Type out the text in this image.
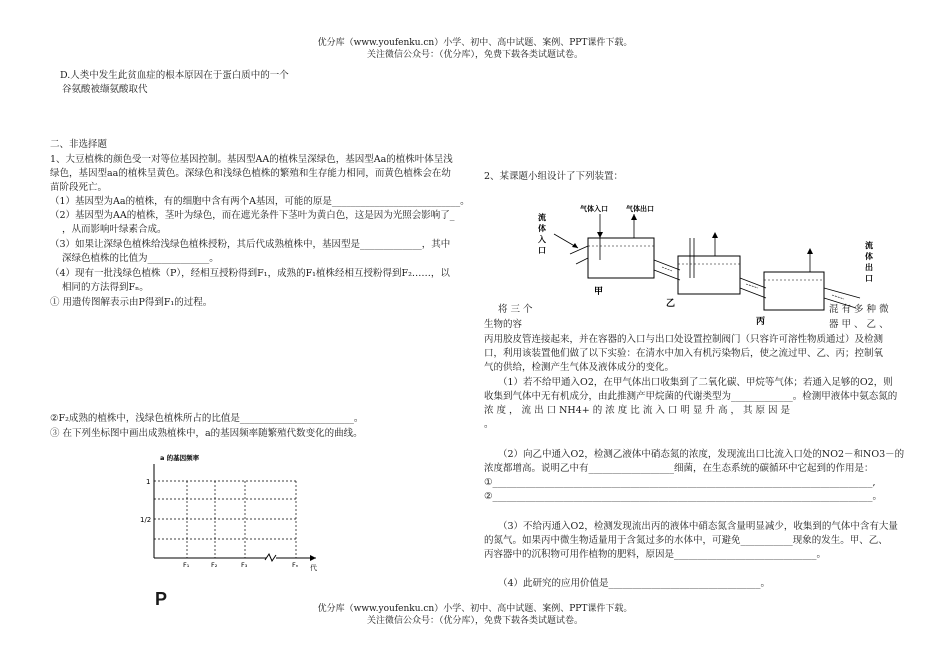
优分库（www.youfenku.cn）小学、初中、高中试题、案例、PPT课件下载。
关注微信公众号：（优分库），免费下载各类试题试卷。
D.人类中发生此贫血症的根本原因在于蛋白质中的一个
谷氨酸被缬氨酸取代
二、非选择题
1、大豆植株的颜色受一对等位基因控制。基因型AA的植株呈深绿色，基因型Aa的植株叶体呈浅
绿色，基因型aa的植株呈黄色。深绿色和浅绿色植株的繁殖和生存能力相同，而黄色植株会在幼
苗阶段死亡。
（1）基因型为Aa的植株，有的细胞中含有两个A基因，可能的原是___________________________。
（2）基因型为AA的植株，茎叶为绿色，而在遮光条件下茎叶为黄白色，这是因为光照会影响了_
，从而影响叶绿素合成。
（3）如果让深绿色植株给浅绿色植株授粉，其后代成熟植株中，基因型是_____________，其中
深绿色植株的比值为_____________。
（4）现有一批浅绿色植株（P），经相互授粉得到F₁，成熟的F₁植株经相互授粉得到F₂……，以
相同的方法得到Fₙ。
① 用遗传图解表示由P得到F₁的过程。
②F₂成熟的植株中，浅绿色植株所占的比值是________________________。
③ 在下列坐标图中画出成熟植株中，a的基因频率随繁殖代数变化的曲线。
a 的基因频率
1
1/2
F₁	F₂	F₃	Fₙ 代
P
2、某课题小组设计了下列装置：
流 体 入 口
气体入口	气体出口
流 体 出 口
甲
乙
丙
将 三 个	混 有 多 种 微
生物的容	器 甲 、 乙 、
丙用胶皮管连接起来，并在容器的入口与出口处设置控制阀门（只容许可溶性物质通过）及检测
口，利用该装置他们做了以下实验：在清水中加入有机污染物后，使之流过甲、乙、丙；控制氧
气的供给，检测产生气体及液体成分的变化。
（1）若不给甲通入O2，在甲气体出口收集到了二氧化碳、甲烷等气体；若通入足够的O2，则
收集到气体中无有机成分，由此推测产甲烷菌的代谢类型为_____________。检测甲液体中氨态氮的
浓 度 ， 流 出 口 NH4+ 的 浓 度 比 流 入 口 明 显 升 高 ， 其 原 因 是
。
（2）向乙中通入O2，检测乙液体中硝态氮的浓度，发现流出口比流入口处的NO2－和NO3－的
浓度都增高。说明乙中有__________________细菌，在生态系统的碳循环中它起到的作用是：
①________________________________________________________________________________,
②________________________________________________________________________________。
（3）不给丙通入O2，检测发现流出丙的液体中硝态氮含量明显减少，收集到的气体中含有大量
的氮气。如果丙中微生物适量用于含氮过多的水体中，可避免___________现象的发生。甲、乙、
丙容器中的沉积物可用作植物的肥料，原因是______________________________。
（4）此研究的应用价值是________________________________。
优分库（www.youfenku.cn）小学、初中、高中试题、案例、PPT课件下载。
关注微信公众号：（优分库），免费下载各类试题试卷。
